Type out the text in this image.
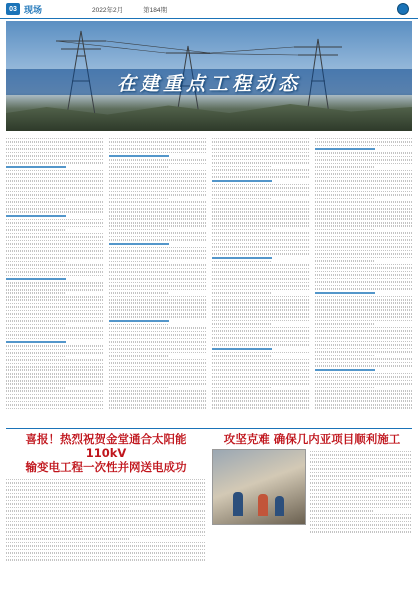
03 现场	2022年2月	第184期
在建重点工程动态
喜报！热烈祝贺金堂通合太阳能110kV
输变电工程一次性并网送电成功
攻坚克难 确保几内亚项目顺利施工
